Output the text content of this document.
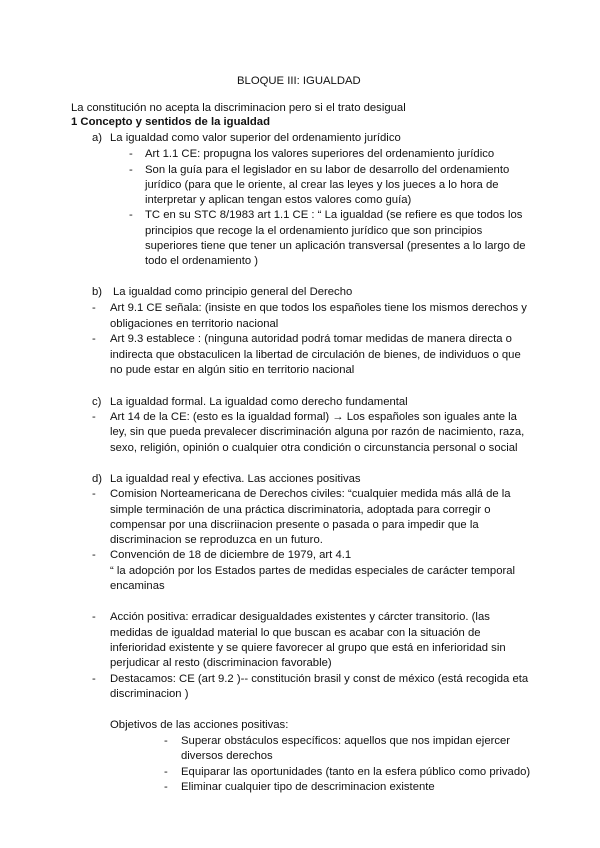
BLOQUE III: IGUALDAD
La constitución no acepta la discriminacion pero si el trato desigual
1 Concepto y sentidos de la igualdad
a) La igualdad como valor superior del ordenamiento jurídico
- Art 1.1 CE: propugna los valores superiores del ordenamiento jurídico
- Son la guía para el legislador en su labor de desarrollo del ordenamiento
jurídico (para que le oriente, al crear las leyes y los jueces a lo hora de
interpretar y aplican tengan estos valores como guía)
- TC en su STC 8/1983 art 1.1 CE : “ La igualdad (se refiere es que todos los
principios que recoge la el ordenamiento jurídico que son principios
superiores tiene que tener un aplicación transversal (presentes a lo largo de
todo el ordenamiento )
b) La igualdad como principio general del Derecho
- Art 9.1 CE señala: (insiste en que todos los españoles tiene los mismos derechos y
obligaciones en territorio nacional
- Art 9.3 establece : (ninguna autoridad podrá tomar medidas de manera directa o
indirecta que obstaculicen la libertad de circulación de bienes, de individuos o que
no pude estar en algún sitio en territorio nacional
c) La igualdad formal. La igualdad como derecho fundamental
- Art 14 de la CE: (esto es la igualdad formal) → Los españoles son iguales ante la
ley, sin que pueda prevalecer discriminación alguna por razón de nacimiento, raza,
sexo, religión, opinión o cualquier otra condición o circunstancia personal o social
d) La igualdad real y efectiva. Las acciones positivas
- Comision Norteamericana de Derechos civiles: “cualquier medida más allá de la
simple terminación de una práctica discriminatoria, adoptada para corregir o
compensar por una discriinacion presente o pasada o para impedir que la
discriminacion se reproduzca en un futuro.
- Convención de 18 de diciembre de 1979, art 4.1
“ la adopción por los Estados partes de medidas especiales de carácter temporal
encaminas
- Acción positiva: erradicar desigualdades existentes y cárcter transitorio. (las
medidas de igualdad material lo que buscan es acabar con la situación de
inferioridad existente y se quiere favorecer al grupo que está en inferioridad sin
perjudicar al resto (discriminacion favorable)
- Destacamos: CE (art 9.2 )-- constitución brasil y const de méxico (está recogida eta
discriminacion )
Objetivos de las acciones positivas:
- Superar obstáculos específicos: aquellos que nos impidan ejercer
diversos derechos
- Equiparar las oportunidades (tanto en la esfera público como privado)
- Eliminar cualquier tipo de descriminacion existente
